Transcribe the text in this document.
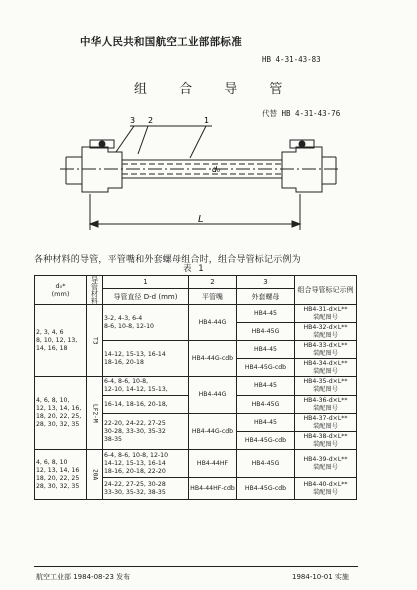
中华人民共和国航空工业部部标准
HB 4-31-43-83
组 合 导 管
代替 HB 4-31-43-76
3 2	1
d₀
L
各种材料的导管，平管嘴和外套螺母组合时，组合导管标记示例为
表 1
d₀*
(mm)	导管材料	1	2	3	组合导管标记示例
		导管直径 D-d (mm)	平管嘴	外套螺母	
2, 3, 4, 6
8, 10, 12, 13,
14, 16, 18	T3	3-2, 4-3, 6-4
8-6, 10-8, 12-10	HB4-44G	HB4-45	HB4-31-d×L**
装配图号
				HB4-45G	HB4-32-d×L**
装配图号
		14-12, 15-13, 16-14
18-16, 20-18	HB4-44G-cdb	HB4-45	HB4-33-d×L**
装配图号
				HB4-45G-cdb	HB4-34-d×L**
装配图号
4, 6, 8, 10,
12, 13, 14, 16,
18, 20, 22, 25,
28, 30, 32, 35	LF2-M	6-4, 8-6, 10-8,
12-10, 14-12, 15-13,	HB4-44G	HB4-45	HB4-35-d×L**
装配图号
		16-14, 18-16, 20-18,		HB4-45G	HB4-36-d×L**
装配图号
		22-20, 24-22, 27-25
30-28, 33-30, 35-32
38-35	HB4-44G-cdb	HB4-45	HB4-37-d×L**
装配图号
				HB4-45G-cdb	HB4-38-d×L**
装配图号
4, 6, 8, 10
12, 13, 14, 16
18, 20, 22, 25
28, 30, 32, 35	20A	6-4, 8-6, 10-8, 12-10
14-12, 15-13, 16-14
18-16, 20-18, 22-20	HB4-44HF	HB4-45G	HB4-39-d×L**
装配图号
		24-22, 27-25, 30-28
33-30, 35-32, 38-35	HB4-44HF-cdb	HB4-45G-cdb	HB4-40-d×L**
装配图号
航空工业部 1984-08-23 发布	1984-10-01 实施
